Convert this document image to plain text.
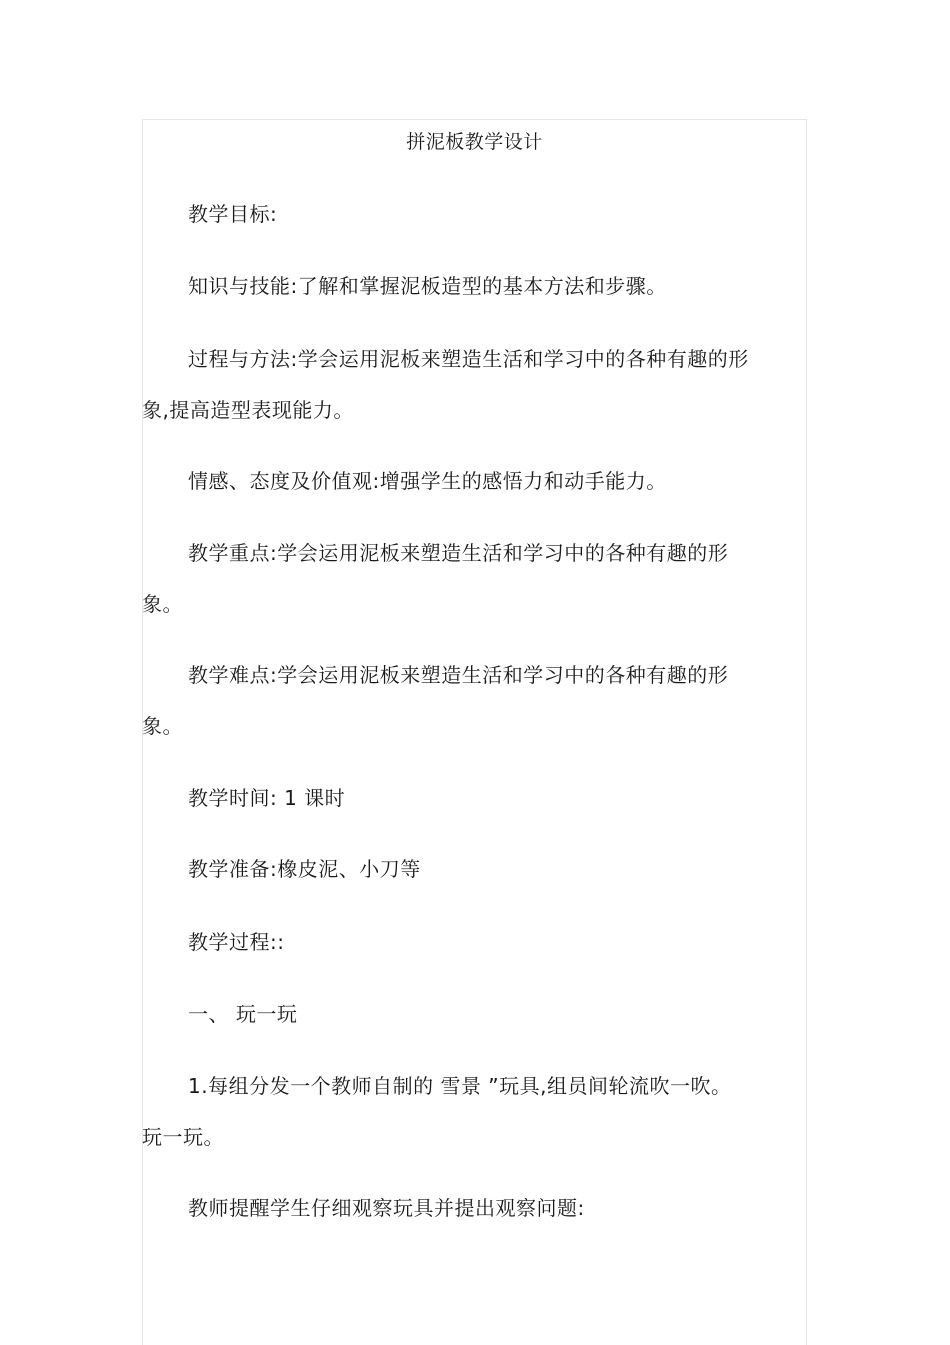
拼泥板教学设计
教学目标:
知识与技能:了解和掌握泥板造型的基本方法和步骤。
过程与方法:学会运用泥板来塑造生活和学习中的各种有趣的形
象,提高造型表现能力。
情感、态度及价值观:增强学生的感悟力和动手能力。
教学重点:学会运用泥板来塑造生活和学习中的各种有趣的形
象。
教学难点:学会运用泥板来塑造生活和学习中的各种有趣的形
象。
教学时间: 1 课时
教学准备:橡皮泥、小刀等
教学过程::
一、 玩一玩
1.每组分发一个教师自制的 雪景 ”玩具,组员间轮流吹一吹。
玩一玩。
教师提醒学生仔细观察玩具并提出观察问题:
